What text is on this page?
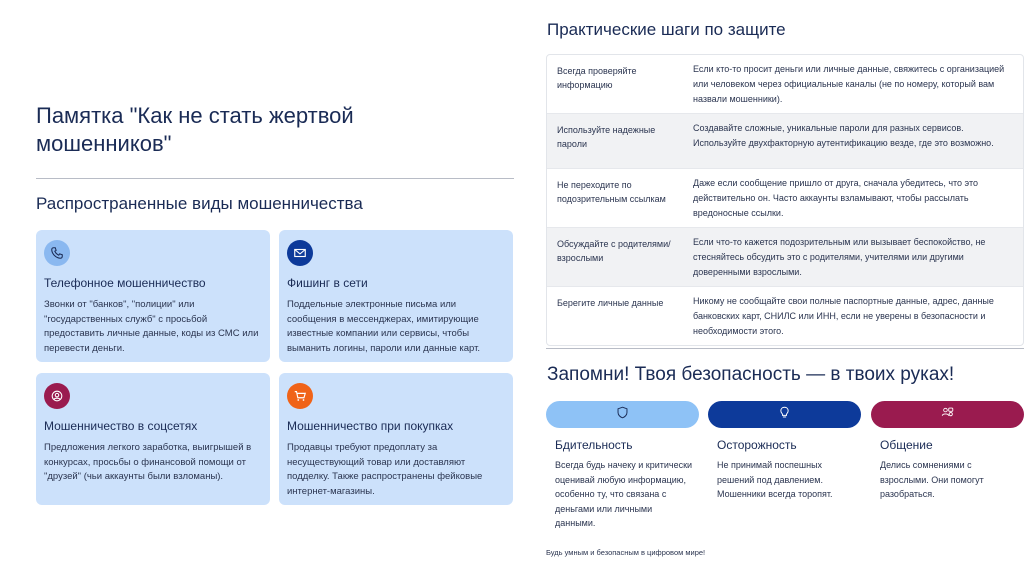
Памятка "Как не стать жертвой мошенников"
Распространенные виды мошенничества
Телефонное мошенничество
Звонки от "банков", "полиции" или "государственных служб" с просьбой предоставить личные данные, коды из СМС или перевести деньги.
Фишинг в сети
Поддельные электронные письма или сообщения в мессенджерах, имитирующие известные компании или сервисы, чтобы выманить логины, пароли или данные карт.
Мошенничество в соцсетях
Предложения легкого заработка, выигрышей в конкурсах, просьбы о финансовой помощи от "друзей" (чьи аккаунты были взломаны).
Мошенничество при покупках
Продавцы требуют предоплату за несуществующий товар или доставляют подделку. Также распространены фейковые интернет-магазины.
Практические шаги по защите
Всегда проверяйте информацию
Если кто-то просит деньги или личные данные, свяжитесь с организацией или человеком через официальные каналы (не по номеру, который вам назвали мошенники).
Используйте надежные пароли
Создавайте сложные, уникальные пароли для разных сервисов. Используйте двухфакторную аутентификацию везде, где это возможно.
Не переходите по подозрительным ссылкам
Даже если сообщение пришло от друга, сначала убедитесь, что это действительно он. Часто аккаунты взламывают, чтобы рассылать вредоносные ссылки.
Обсуждайте с родителями/взрослыми
Если что-то кажется подозрительным или вызывает беспокойство, не стесняйтесь обсудить это с родителями, учителями или другими доверенными взрослыми.
Берегите личные данные	Никому не сообщайте свои полные паспортные данные, адрес, данные банковских карт, СНИЛС или ИНН, если не уверены в безопасности и необходимости этого.
Запомни! Твоя безопасность — в твоих руках!
Бдительность
Всегда будь начеку и критически оценивай любую информацию, особенно ту, что связана с деньгами или личными данными.
Осторожность
Не принимай поспешных решений под давлением. Мошенники всегда торопят.
Общение
Делись сомнениями с взрослыми. Они помогут разобраться.
Будь умным и безопасным в цифровом мире!
